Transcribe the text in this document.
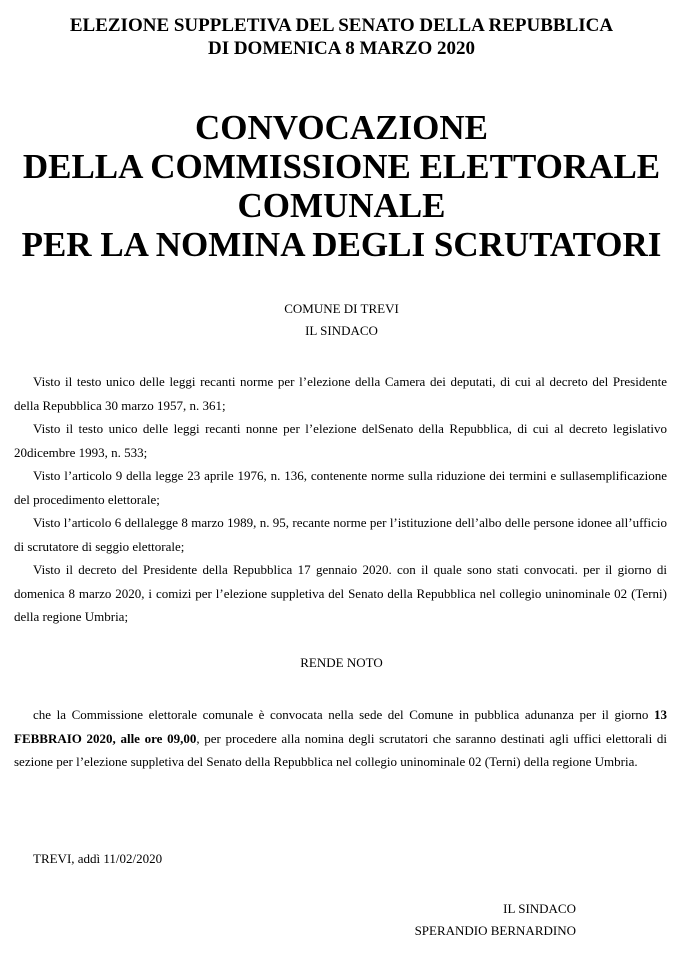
ELEZIONE SUPPLETIVA DEL SENATO DELLA REPUBBLICA
DI DOMENICA 8 MARZO 2020
CONVOCAZIONE
DELLA COMMISSIONE ELETTORALE
COMUNALE
PER LA NOMINA DEGLI SCRUTATORI
COMUNE DI TREVI
IL SINDACO

Visto il testo unico delle leggi recanti norme per l’elezione della Camera dei deputati, di cui al decreto del Presidente della Repubblica 30 marzo 1957, n. 361;

Visto il testo unico delle leggi recanti nonne per l’elezione delSenato della Repubblica, di cui al decreto legislativo 20dicembre 1993, n. 533;

Visto l’articolo 9 della legge 23 aprile 1976, n. 136, contenente norme sulla riduzione dei termini e sullasemplificazione del procedimento elettorale;

Visto l’articolo 6 dellalegge 8 marzo 1989, n. 95, recante norme per l’istituzione dell’albo delle persone idonee all’ufficio di scrutatore di seggio elettorale;

Visto il decreto del Presidente della Repubblica 17 gennaio 2020. con il quale sono stati convocati. per il giorno di domenica 8 marzo 2020, i comizi per l’elezione suppletiva del Senato della Repubblica nel collegio uninominale 02 (Terni) della regione Umbria;

RENDE NOTO

che la Commissione elettorale comunale è convocata nella sede del Comune in pubblica adunanza per il giorno 13 FEBBRAIO 2020, alle ore 09,00, per procedere alla nomina degli scrutatori che saranno destinati agli uffici elettorali di sezione per l’elezione suppletiva del Senato della Repubblica nel collegio uninominale 02 (Terni) della regione Umbria.

TREVI, addì 11/02/2020
IL SINDACO
SPERANDIO BERNARDINO
